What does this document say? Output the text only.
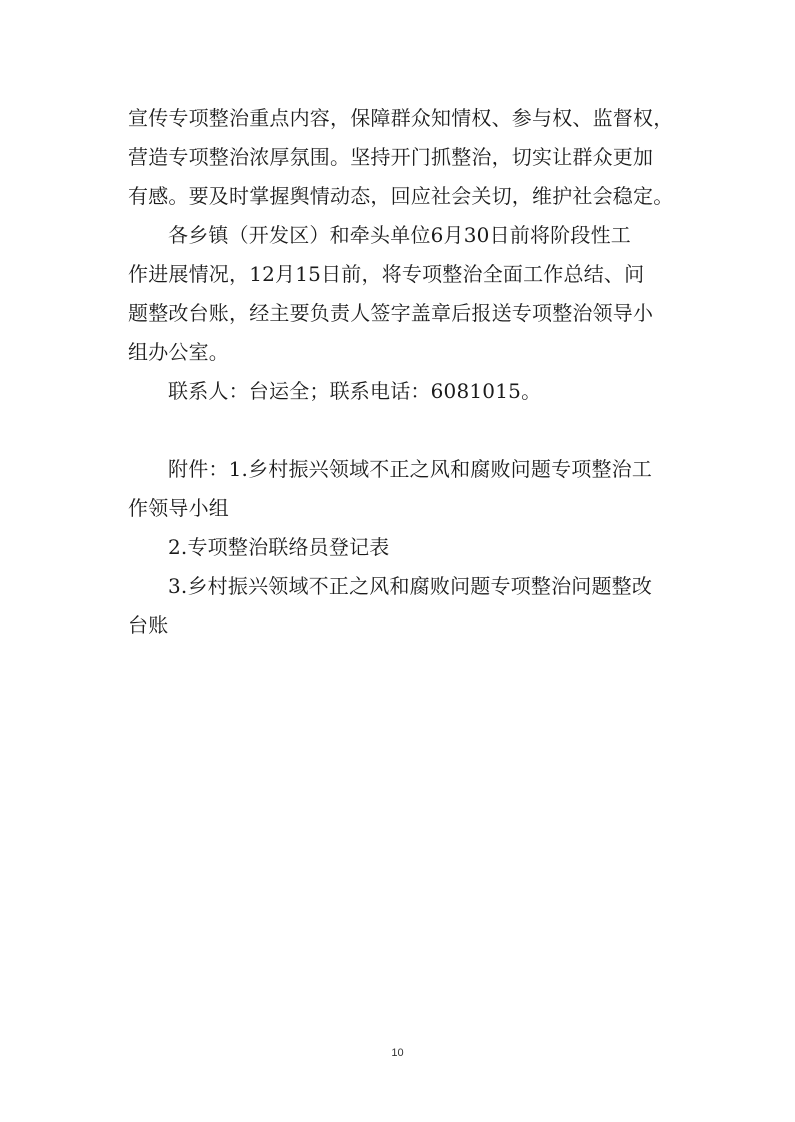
宣传专项整治重点内容，保障群众知情权、参与权、监督权，
营造专项整治浓厚氛围。坚持开门抓整治，切实让群众更加
有感。要及时掌握舆情动态，回应社会关切，维护社会稳定。
各乡镇（开发区）和牵头单位6月30日前将阶段性工
作进展情况，12月15日前，将专项整治全面工作总结、问
题整改台账，经主要负责人签字盖章后报送专项整治领导小
组办公室。
联系人：台运全；联系电话：6081015。
附件：1.乡村振兴领域不正之风和腐败问题专项整治工
作领导小组
2.专项整治联络员登记表
3.乡村振兴领域不正之风和腐败问题专项整治问题整改
台账
10
